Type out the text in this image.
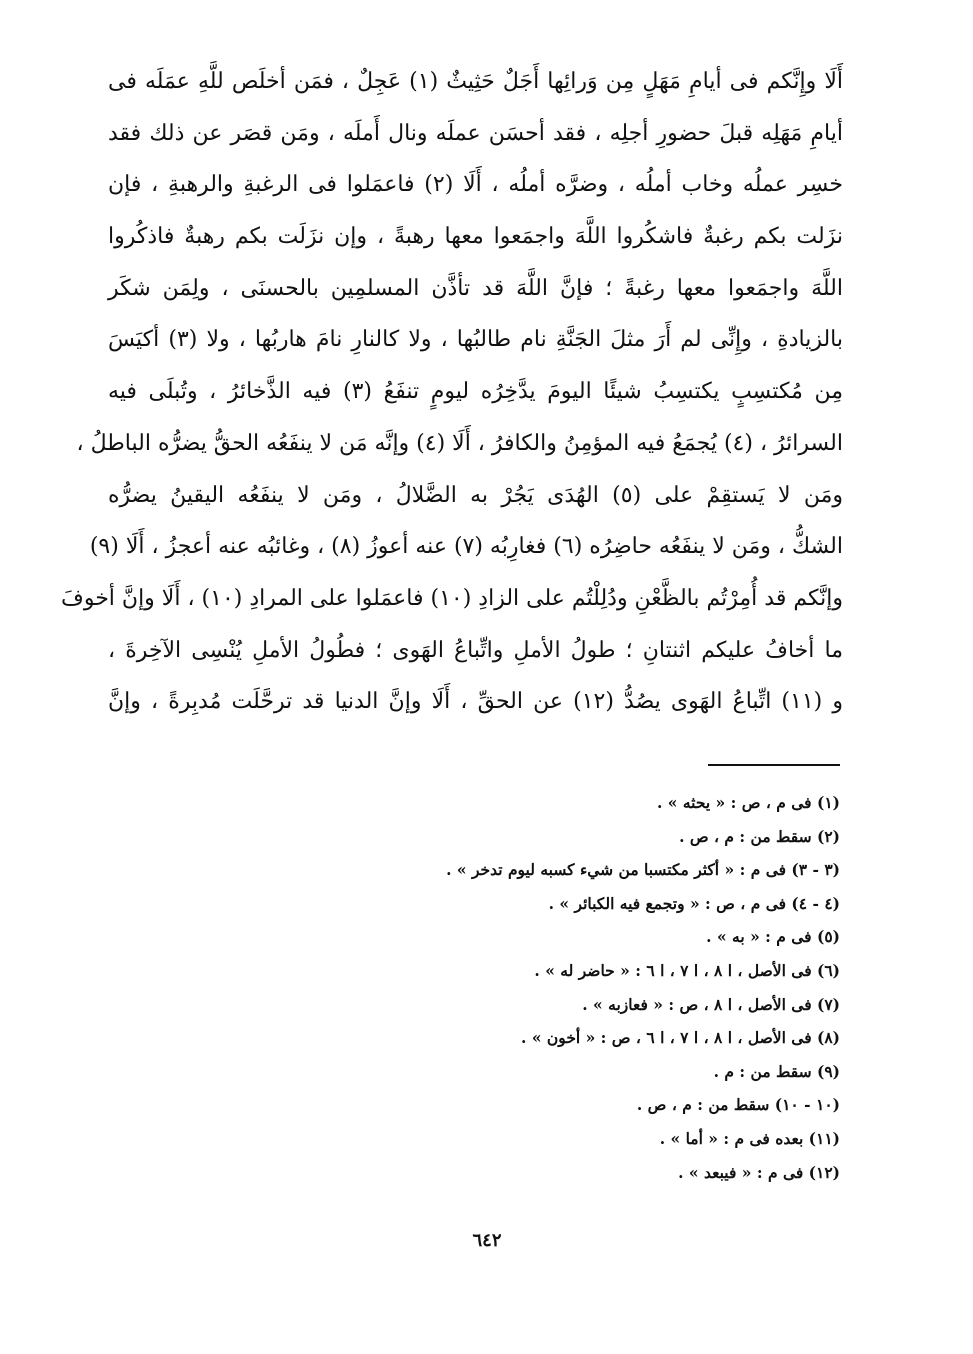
أَلَا وإِنَّكم فى أيامِ مَهَلٍ مِن وَرائِها أَجَلٌ حَثِيثٌ (١) عَجِلٌ ، فمَن أخلَص للَّهِ عمَلَه فى
أيامِ مَهَلِه قبلَ حضورِ أجلِه ، فقد أحسَن عملَه ونال أَملَه ، ومَن قصَر عن ذلك فقد
خسِر عملُه وخاب أملُه ، وضرَّه أملُه ، أَلَا (٢) فاعمَلوا فى الرغبةِ والرهبةِ ، فإن
نزَلت بكم رغبةٌ فاشكُروا اللَّهَ واجمَعوا معها رهبةً ، وإن نزَلَت بكم رهبةٌ فاذكُروا
اللَّهَ واجمَعوا معها رغبةً ؛ فإنَّ اللَّهَ قد تأذَّن المسلمِين بالحسنَى ، ولِمَن شكَر
بالزيادةِ ، وإِنِّى لم أَرَ مثلَ الجَنَّةِ نام طالبُها ، ولا كالنارِ نامَ هاربُها ، ولا (٣) أكيَسَ
مِن مُكتسِبٍ يكتسِبُ شيئًا اليومَ يدَّخِرُه ليومٍ تنفَعُ (٣) فيه الذَّخائرُ ، وتُبلَى فيه
السرائرُ ، (٤) يُجمَعُ فيه المؤمِنُ والكافرُ ، أَلَا (٤) وإنَّه مَن لا ينفَعُه الحقُّ يضرُّه الباطلُ ،
ومَن لا يَستقِمْ على (٥) الهُدَى يَجُرْ به الضَّلالُ ، ومَن لا ينفَعُه اليقينُ يضرُّه
الشكُّ ، ومَن لا ينفَعُه حاضِرُه (٦) فغارِبُه (٧) عنه أعوزُ (٨) ، وغائبُه عنه أعجزُ ، أَلَا (٩)
وإنَّكم قد أُمِرْتُم بالظَّعْنِ ودُلِلْتُم على الزادِ (١٠) فاعمَلوا على المرادِ (١٠) ، أَلَا وإنَّ أخوفَ
ما أخافُ عليكم اثنتانِ ؛ طولُ الأملِ واتِّباعُ الهَوى ؛ فطُولُ الأملِ يُنْسِى الآخِرةَ ،
و (١١) اتِّباعُ الهَوى يصُدُّ (١٢) عن الحقِّ ، أَلَا وإنَّ الدنيا قد ترحَّلَت مُدبِرةً ، وإنَّ
(١) فى م ، ص : « يحثه » .
(٢) سقط من : م ، ص .
(٣ - ٣) فى م : « أكثر مكتسبا من شيء كسبه ليوم تدخر » .
(٤ - ٤) فى م ، ص : « وتجمع فيه الكبائر » .
(٥) فى م : « به » .
(٦) فى الأصل ، ا ٨ ، ا ٧ ، ا ٦ : « حاضر له » .
(٧) فى الأصل ، ا ٨ ، ص : « فعازبه » .
(٨) فى الأصل ، ا ٨ ، ا ٧ ، ا ٦ ، ص : « أخون » .
(٩) سقط من : م .
(١٠ - ١٠) سقط من : م ، ص .
(١١) بعده فى م : « أما » .
(١٢) فى م : « فيبعد » .
٦٤٢
